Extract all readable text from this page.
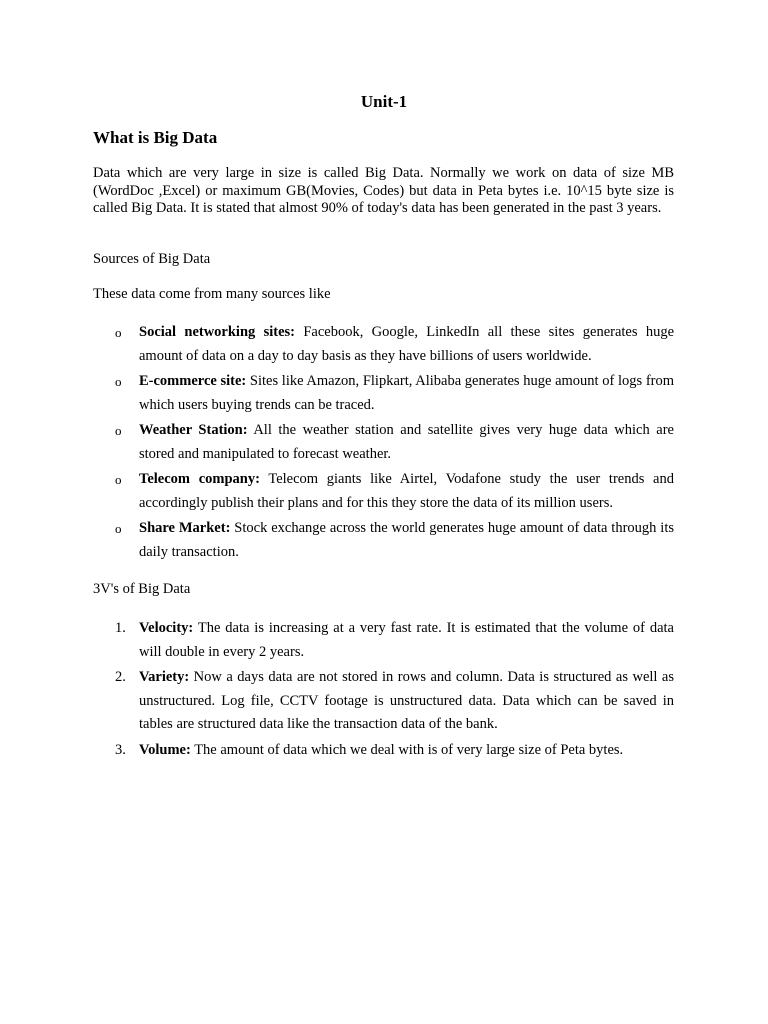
Unit-1
What is Big Data

Data which are very large in size is called Big Data. Normally we work on data of size MB (WordDoc ,Excel) or maximum GB(Movies, Codes) but data in Peta bytes i.e. 10^15 byte size is called Big Data. It is stated that almost 90% of today's data has been generated in the past 3 years.

Sources of Big Data

These data come from many sources like

o Social networking sites: Facebook, Google, LinkedIn all these sites generates huge amount of data on a day to day basis as they have billions of users worldwide.
o E-commerce site: Sites like Amazon, Flipkart, Alibaba generates huge amount of logs from which users buying trends can be traced.
o Weather Station: All the weather station and satellite gives very huge data which are stored and manipulated to forecast weather.
o Telecom company: Telecom giants like Airtel, Vodafone study the user trends and accordingly publish their plans and for this they store the data of its million users.
o Share Market: Stock exchange across the world generates huge amount of data through its daily transaction.

3V's of Big Data

1. Velocity: The data is increasing at a very fast rate. It is estimated that the volume of data will double in every 2 years.
2. Variety: Now a days data are not stored in rows and column. Data is structured as well as unstructured. Log file, CCTV footage is unstructured data. Data which can be saved in tables are structured data like the transaction data of the bank.
3. Volume: The amount of data which we deal with is of very large size of Peta bytes.
